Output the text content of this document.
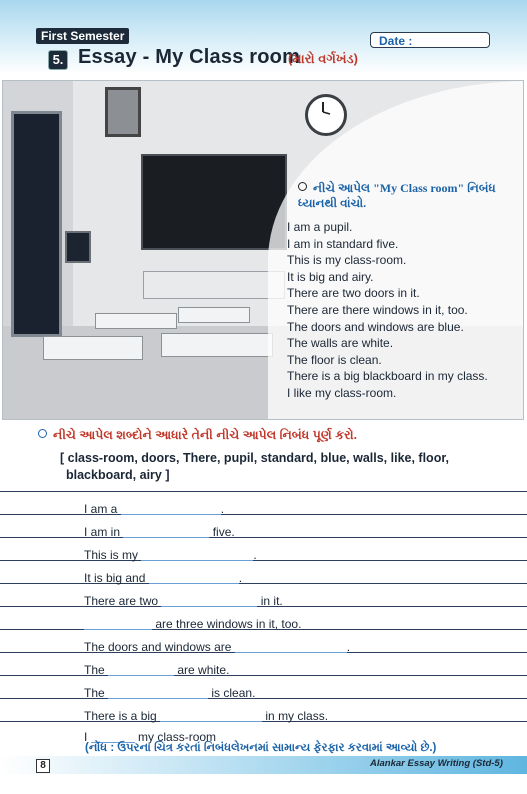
First Semester	Date :
5. Essay - My Class room
(મારો વર્ગખંડ)
નીચે આપેલ "My Class room" નિબંધ ધ્યાનથી વાંચો.
I am a pupil.
I am in standard five.
This is my class-room.
It is big and airy.
There are two doors in it.
There are there windows in it, too.
The doors and windows are blue.
The walls are white.
The floor is clean.
There is a big blackboard in my class.
I like my class-room.
નીચે આપેલ શબ્દોને આધારે તેની નીચે આપેલ નિબંધ પૂર્ણ કરો.
[ class-room, doors, There, pupil, standard, blue, walls, like, floor,
blackboard, airy ]
I am a	.
I am in	five.
This is my	.
It is big and	.
There are two	in it.
are three windows in it, too.
The doors and windows are	.
The	are white.
The	is clean.
There is a big	in my class.
I	my class-room
(નોંધ : ઉપરના ચિત્ર કરતાં નિબંધલેખનમાં સામાન્ય ફેરફાર કરવામાં આવ્યો છે.)
8	Alankar Essay Writing (Std-5)
